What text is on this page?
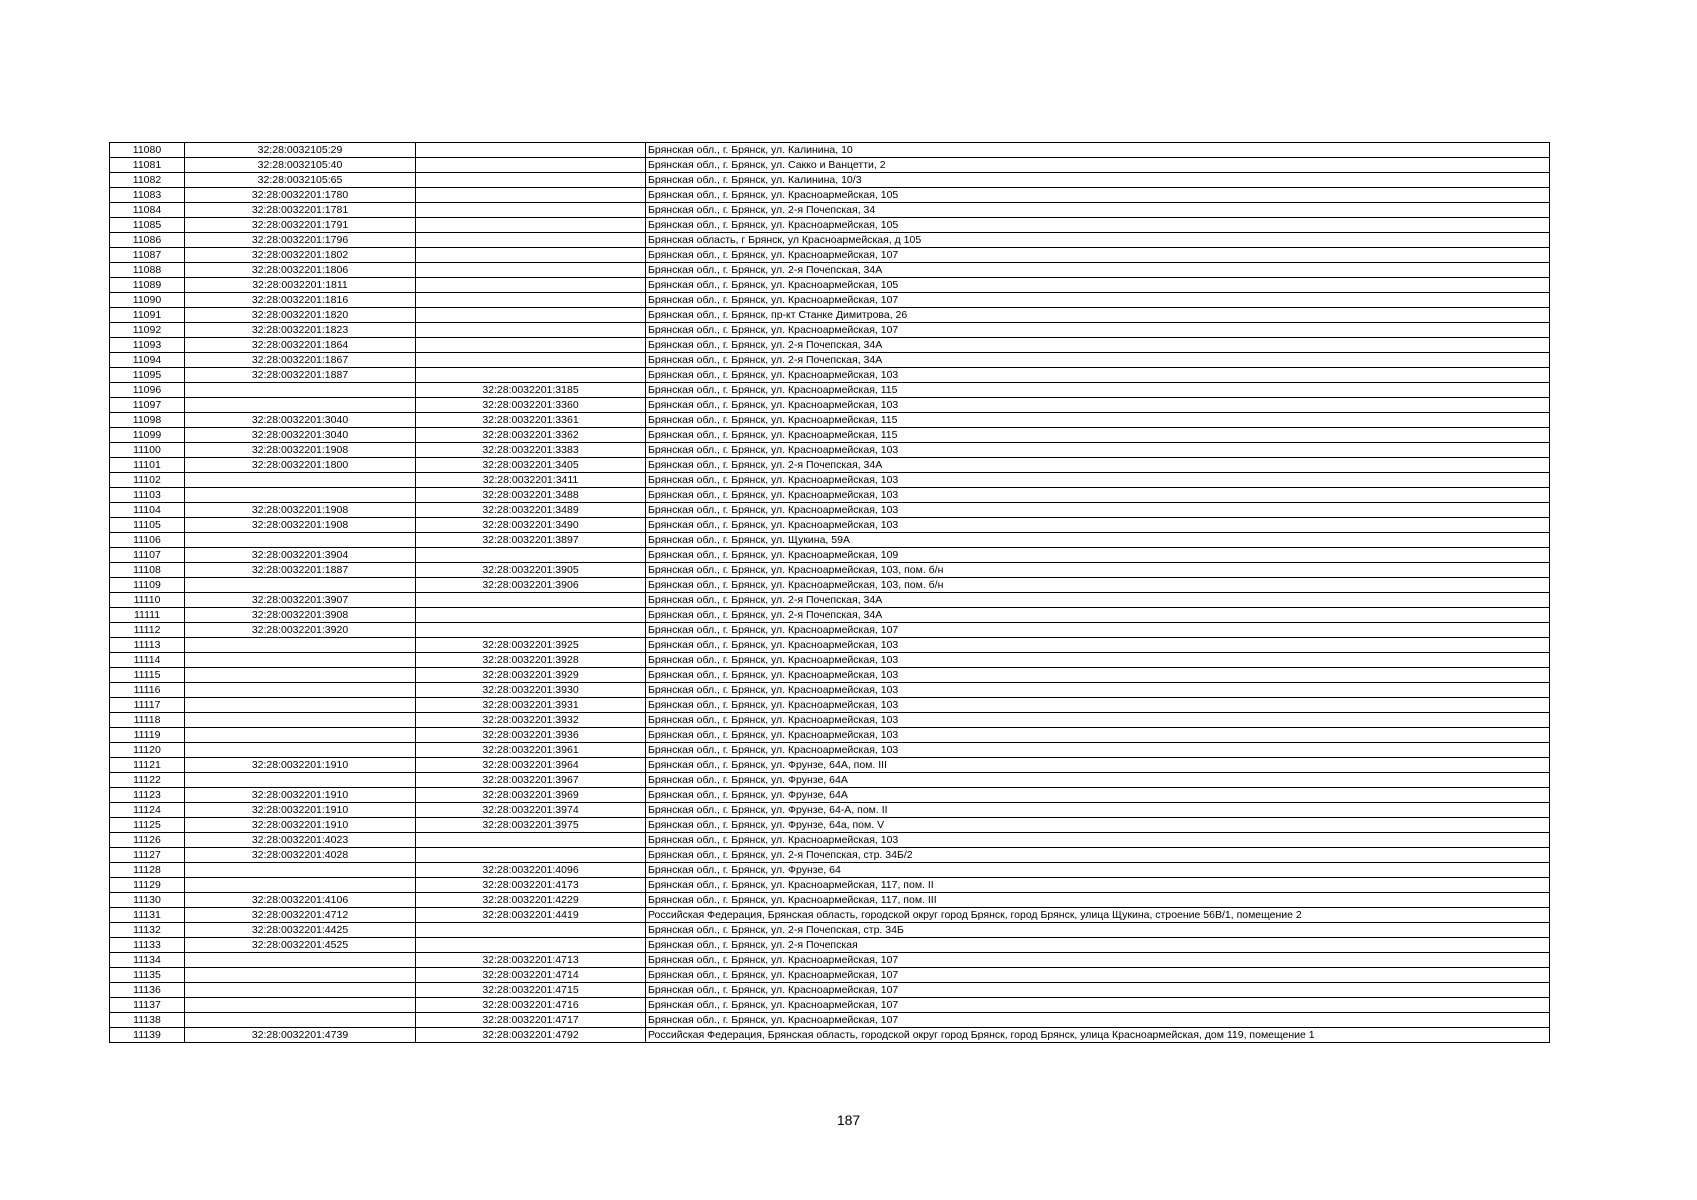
11080	32:28:0032105:29		Брянская обл., г. Брянск, ул. Калинина, 10
11081	32:28:0032105:40		Брянская обл., г. Брянск, ул. Сакко и Ванцетти, 2
11082	32:28:0032105:65		Брянская обл., г. Брянск, ул. Калинина, 10/3
11083	32:28:0032201:1780		Брянская обл., г. Брянск, ул. Красноармейская, 105
11084	32:28:0032201:1781		Брянская обл., г. Брянск, ул. 2-я Почепская, 34
11085	32:28:0032201:1791		Брянская обл., г. Брянск, ул. Красноармейская, 105
11086	32:28:0032201:1796		Брянская область, г Брянск, ул Красноармейская, д 105
11087	32:28:0032201:1802		Брянская обл., г. Брянск, ул. Красноармейская, 107
11088	32:28:0032201:1806		Брянская обл., г. Брянск, ул. 2-я Почепская, 34А
11089	32:28:0032201:1811		Брянская обл., г. Брянск, ул. Красноармейская, 105
11090	32:28:0032201:1816		Брянская обл., г. Брянск, ул. Красноармейская, 107
11091	32:28:0032201:1820		Брянская обл., г. Брянск, пр-кт Станке Димитрова, 26
11092	32:28:0032201:1823		Брянская обл., г. Брянск, ул. Красноармейская, 107
11093	32:28:0032201:1864		Брянская обл., г. Брянск, ул. 2-я Почепская, 34А
11094	32:28:0032201:1867		Брянская обл., г. Брянск, ул. 2-я Почепская, 34А
11095	32:28:0032201:1887		Брянская обл., г. Брянск, ул. Красноармейская, 103
11096		32:28:0032201:3185	Брянская обл., г. Брянск, ул. Красноармейская, 115
11097		32:28:0032201:3360	Брянская обл., г. Брянск, ул. Красноармейская, 103
11098	32:28:0032201:3040	32:28:0032201:3361	Брянская обл., г. Брянск, ул. Красноармейская, 115
11099	32:28:0032201:3040	32:28:0032201:3362	Брянская обл., г. Брянск, ул. Красноармейская, 115
11100	32:28:0032201:1908	32:28:0032201:3383	Брянская обл., г. Брянск, ул. Красноармейская, 103
11101	32:28:0032201:1800	32:28:0032201:3405	Брянская обл., г. Брянск, ул. 2-я Почепская, 34А
11102		32:28:0032201:3411	Брянская обл., г. Брянск, ул. Красноармейская, 103
11103		32:28:0032201:3488	Брянская обл., г. Брянск, ул. Красноармейская, 103
11104	32:28:0032201:1908	32:28:0032201:3489	Брянская обл., г. Брянск, ул. Красноармейская, 103
11105	32:28:0032201:1908	32:28:0032201:3490	Брянская обл., г. Брянск, ул. Красноармейская, 103
11106		32:28:0032201:3897	Брянская обл., г. Брянск, ул. Щукина, 59А
11107	32:28:0032201:3904		Брянская обл., г. Брянск, ул. Красноармейская, 109
11108	32:28:0032201:1887	32:28:0032201:3905	Брянская обл., г. Брянск, ул. Красноармейская, 103, пом. б/н
11109		32:28:0032201:3906	Брянская обл., г. Брянск, ул. Красноармейская, 103, пом. б/н
11110	32:28:0032201:3907		Брянская обл., г. Брянск, ул. 2-я Почепская, 34А
11111	32:28:0032201:3908		Брянская обл., г. Брянск, ул. 2-я Почепская, 34А
11112	32:28:0032201:3920		Брянская обл., г. Брянск, ул. Красноармейская, 107
11113		32:28:0032201:3925	Брянская обл., г. Брянск, ул. Красноармейская, 103
11114		32:28:0032201:3928	Брянская обл., г. Брянск, ул. Красноармейская, 103
11115		32:28:0032201:3929	Брянская обл., г. Брянск, ул. Красноармейская, 103
11116		32:28:0032201:3930	Брянская обл., г. Брянск, ул. Красноармейская, 103
11117		32:28:0032201:3931	Брянская обл., г. Брянск, ул. Красноармейская, 103
11118		32:28:0032201:3932	Брянская обл., г. Брянск, ул. Красноармейская, 103
11119		32:28:0032201:3936	Брянская обл., г. Брянск, ул. Красноармейская, 103
11120		32:28:0032201:3961	Брянская обл., г. Брянск, ул. Красноармейская, 103
11121	32:28:0032201:1910	32:28:0032201:3964	Брянская обл., г. Брянск, ул. Фрунзе, 64А, пом. III
11122		32:28:0032201:3967	Брянская обл., г. Брянск, ул. Фрунзе, 64А
11123	32:28:0032201:1910	32:28:0032201:3969	Брянская обл., г. Брянск, ул. Фрунзе, 64А
11124	32:28:0032201:1910	32:28:0032201:3974	Брянская обл., г. Брянск, ул. Фрунзе, 64-А, пом. II
11125	32:28:0032201:1910	32:28:0032201:3975	Брянская обл., г. Брянск, ул. Фрунзе, 64а, пом. V
11126	32:28:0032201:4023		Брянская обл., г. Брянск, ул. Красноармейская, 103
11127	32:28:0032201:4028		Брянская обл., г. Брянск, ул. 2-я Почепская, стр. 34Б/2
11128		32:28:0032201:4096	Брянская обл., г. Брянск, ул. Фрунзе, 64
11129		32:28:0032201:4173	Брянская обл., г. Брянск, ул. Красноармейская, 117, пом. II
11130	32:28:0032201:4106	32:28:0032201:4229	Брянская обл., г. Брянск, ул. Красноармейская, 117, пом. III
11131	32:28:0032201:4712	32:28:0032201:4419	Российская Федерация, Брянская область, городской округ город Брянск, город Брянск, улица Щукина, строение 56В/1, помещение 2
11132	32:28:0032201:4425		Брянская обл., г. Брянск, ул. 2-я Почепская, стр. 34Б
11133	32:28:0032201:4525		Брянская обл., г. Брянск, ул. 2-я Почепская
11134		32:28:0032201:4713	Брянская обл., г. Брянск, ул. Красноармейская, 107
11135		32:28:0032201:4714	Брянская обл., г. Брянск, ул. Красноармейская, 107
11136		32:28:0032201:4715	Брянская обл., г. Брянск, ул. Красноармейская, 107
11137		32:28:0032201:4716	Брянская обл., г. Брянск, ул. Красноармейская, 107
11138		32:28:0032201:4717	Брянская обл., г. Брянск, ул. Красноармейская, 107
11139	32:28:0032201:4739	32:28:0032201:4792	Российская Федерация, Брянская область, городской округ город Брянск, город Брянск, улица Красноармейская, дом 119, помещение 1
187
